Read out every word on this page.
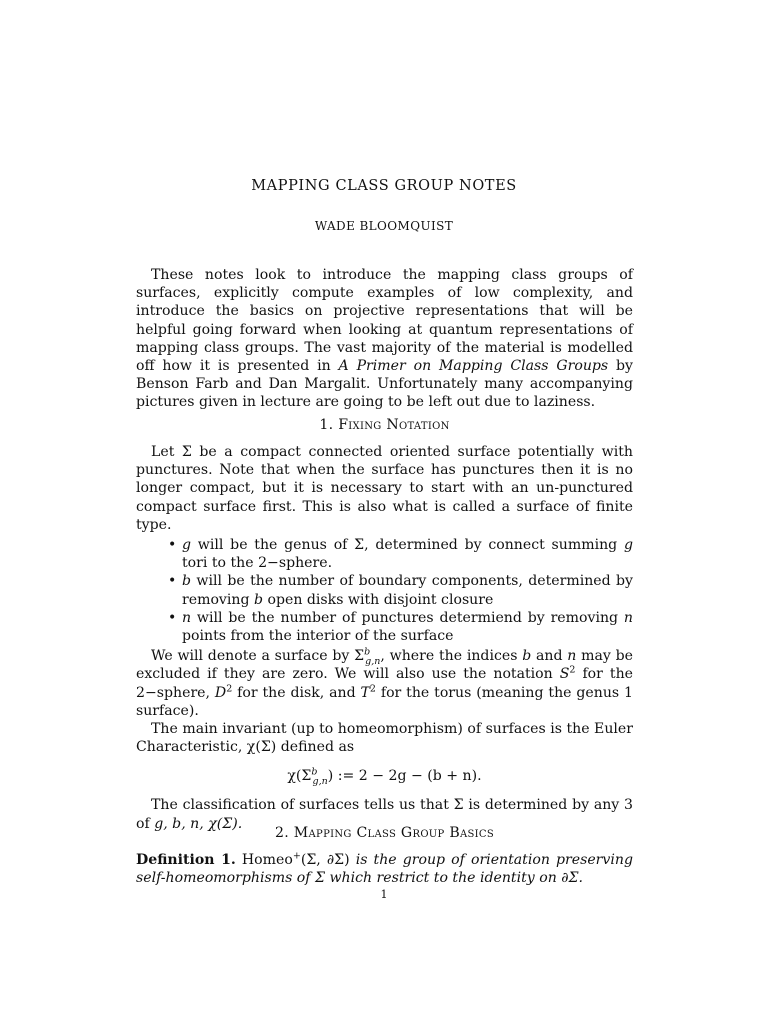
MAPPING CLASS GROUP NOTES
WADE BLOOMQUIST

These notes look to introduce the mapping class groups of surfaces, explicitly compute examples of low complexity, and introduce the basics on projective representations that will be helpful going forward when looking at quantum representations of mapping class groups. The vast majority of the material is modelled off how it is presented in A Primer on Mapping Class Groups by Benson Farb and Dan Margalit. Unfortunately many accompanying pictures given in lecture are going to be left out due to laziness.

1. Fixing Notation

Let Σ be a compact connected oriented surface potentially with punctures. Note that when the surface has punctures then it is no longer compact, but it is necessary to start with an un-punctured compact surface first. This is also what is called a surface of finite type.

• g will be the genus of Σ, determined by connect summing g tori to the 2−sphere.
• b will be the number of boundary components, determined by removing b open disks with disjoint closure
• n will be the number of punctures determiend by removing n points from the interior of the surface

We will denote a surface by $\Sigma^b_{g,n}$, where the indices b and n may be excluded if they are zero. We will also use the notation $S^2$ for the 2−sphere, $D^2$ for the disk, and $T^2$ for the torus (meaning the genus 1 surface).

The main invariant (up to homeomorphism) of surfaces is the Euler Characteristic, χ(Σ) defined as

$\chi(\Sigma^b_{g,n})$ := 2 − 2g − (b + n).

The classification of surfaces tells us that Σ is determined by any 3 of g, b, n, χ(Σ).

2. Mapping Class Group Basics

Definition 1. Homeo+(Σ, ∂Σ) is the group of orientation preserving self-homeomorphisms of Σ which restrict to the identity on ∂Σ.

1
